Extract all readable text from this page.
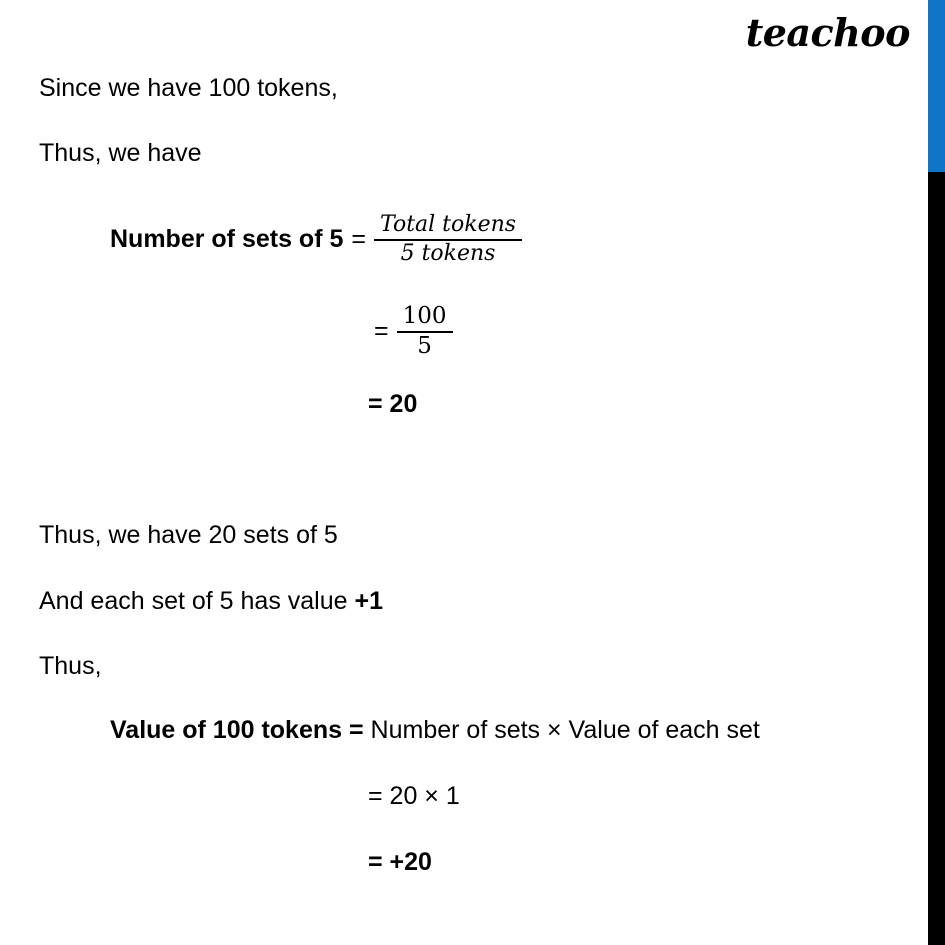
teachoo
Since we have 100 tokens,
Thus, we have
Number of sets of $5 = \frac{\text{Total tokens}}{\text{5 tokens}}$
= $\frac{100}{5}$
= 20
Thus, we have 20 sets of 5
And each set of 5 has value +1
Thus,
Value of 100 tokens = Number of sets × Value of each set
= 20 × 1
= +20
